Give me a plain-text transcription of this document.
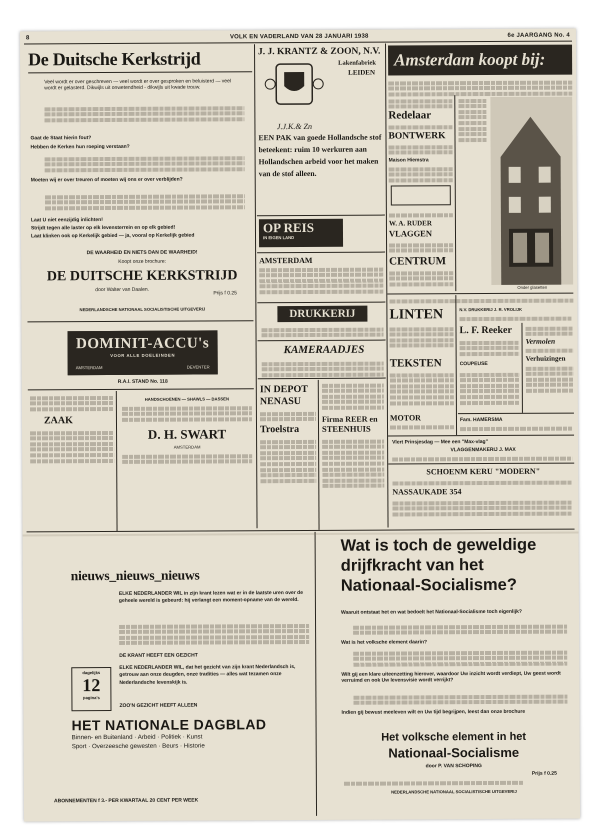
8	VOLK EN VADERLAND VAN 28 JANUARI 1938	6e JAARGANG No. 4
De Duitsche Kerkstrijd
Veel wordt er over geschreven — veel wordt er over gesproken en beluisterd — veel wordt er gelasterd. Dikwijls uit onwetendheid - dikwijls uit kwade trouw.
Gaat de Staat hierin fout?
Hebben de Kerken hun roeping verstaan?
Moeten wij er over treuren of moeten wij ons er over verblijden?
Laat U niet eenzijdig inlichten!
Strijdt tegen alle laster op elk levensterrein en op elk gebied!
Laat klinken ook op Kerkelijk gebied — ja, vooral op Kerkelijk gebied
DE WAARHEID EN NIETS DAN DE WAARHEID!
Koopt onze brochure:
DE DUITSCHE KERKSTRIJD
door Walter van Daalen.
Prijs f 0.25
NEDERLANDSCHE NATIONAAL SOCIALISTISCHE UITGEVERIJ
DOMINIT-ACCU's
VOOR ALLE DOELEINDEN
AMSTERDAM	DEVENTER
R.A.I. STAND No. 118
ZAAK
HANDSCHOENEN — SHAWLS — DASSEN
D. H. SWART
AMSTERDAM
J. J. KRANTZ & ZOON, N.V.
Lakenfabriek
LEIDEN
J.J.K.& Zn
EEN PAK van goede Hollandsche stof beteekent: ruim 10 werkuren aan Hollandschen arbeid voor het maken van de stof alleen.
OP REIS
IN EIGEN LAND
AMSTERDAM
DRUKKERIJ
KAMERAADJES
IN DEPOT
NENASU
Troelstra
Firma REER en
STEENHUIS
Amsterdam koopt bij:
Redelaar
BONTWERK
Maison Hiemstra
Onder glasetten
W. A. RUDER
VLAGGEN
CENTRUM
LINTEN
TEKSTEN
MOTOR
N.V. DRUKKERIJ J. R. VROLIJK
L. F. Reeker
COUPEUSE
Vermolen
Verhuizingen
Fam. HAMERSMA
Vlert Prinsjesdag — Mee een "Max-vlag"
VLAGGENMAKERIJ J. MAX
SCHOENM KERU "MODERN"
NASSAUKADE 354
nieuws_nieuws_nieuws
ELKE NEDERLANDER WIL in zijn krant lezen wat er in de laatste uren over de geheele wereld is gebeurd: hij verlangt een moment-opname van de wereld.
DE KRANT HEEFT EEN GEZICHT
ELKE NEDERLANDER WIL, dat het gezicht van zijn krant Nederlandsch is, getrouw aan onze deugden, onze tradities — alles wat tezamen onze Nederlandsche levenskijk is.
dagelijks
12
pagina's
ZOO'N GEZICHT HEEFT ALLEEN
HET NATIONALE DAGBLAD
Binnen- en Buitenland · Arbeid · Politiek · Kunst
Sport · Overzeesche gewesten · Beurs · Historie
ABONNEMENTEN f 3.- PER KWARTAAL 20 CENT PER WEEK
Wat is toch de geweldige
drijfkracht van het
Nationaal-Socialisme?
Waaruit ontstaat het en wat bedoelt het Nationaal-Socialisme toch eigenlijk?
Wat is het volksche element daarin?
Wilt gij een klare uiteenzetting hierover, waardoor Uw inzicht wordt verdiept, Uw geest wordt verruimd en ook Uw levensvisie wordt verrijkt?
Indien gij bewust meeleven wilt en Uw tijd begrijpen, leest dan onze brochure
Het volksche element in het
Nationaal-Socialisme
door P. VAN SCHOPING
Prijs f 0.25
NEDERLANDSCHE NATIONAAL SOCIALISTISCHE UITGEVERIJ
